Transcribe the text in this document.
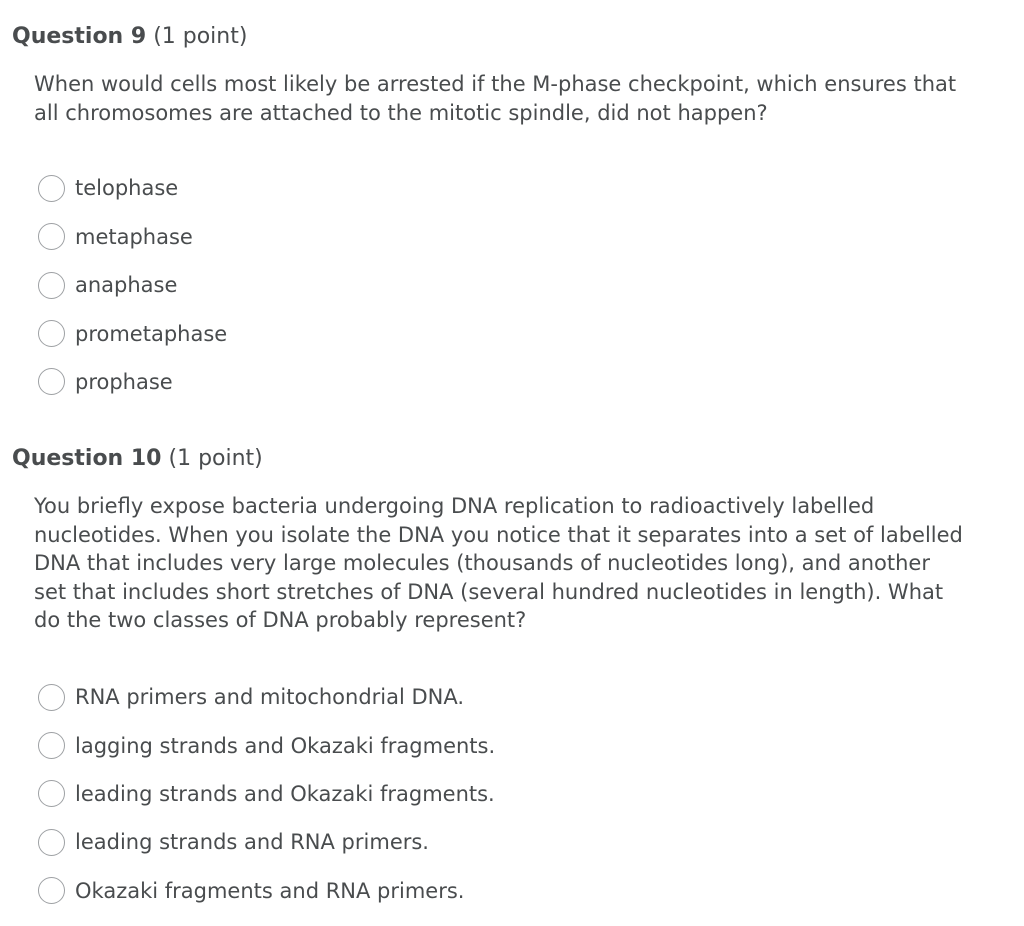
Question 9 (1 point)
When would cells most likely be arrested if the M-phase checkpoint, which ensures that all chromosomes are attached to the mitotic spindle, did not happen?
telophase
metaphase
anaphase
prometaphase
prophase
Question 10 (1 point)
You briefly expose bacteria undergoing DNA replication to radioactively labelled nucleotides. When you isolate the DNA you notice that it separates into a set of labelled DNA that includes very large molecules (thousands of nucleotides long), and another set that includes short stretches of DNA (several hundred nucleotides in length). What do the two classes of DNA probably represent?
RNA primers and mitochondrial DNA.
lagging strands and Okazaki fragments.
leading strands and Okazaki fragments.
leading strands and RNA primers.
Okazaki fragments and RNA primers.
